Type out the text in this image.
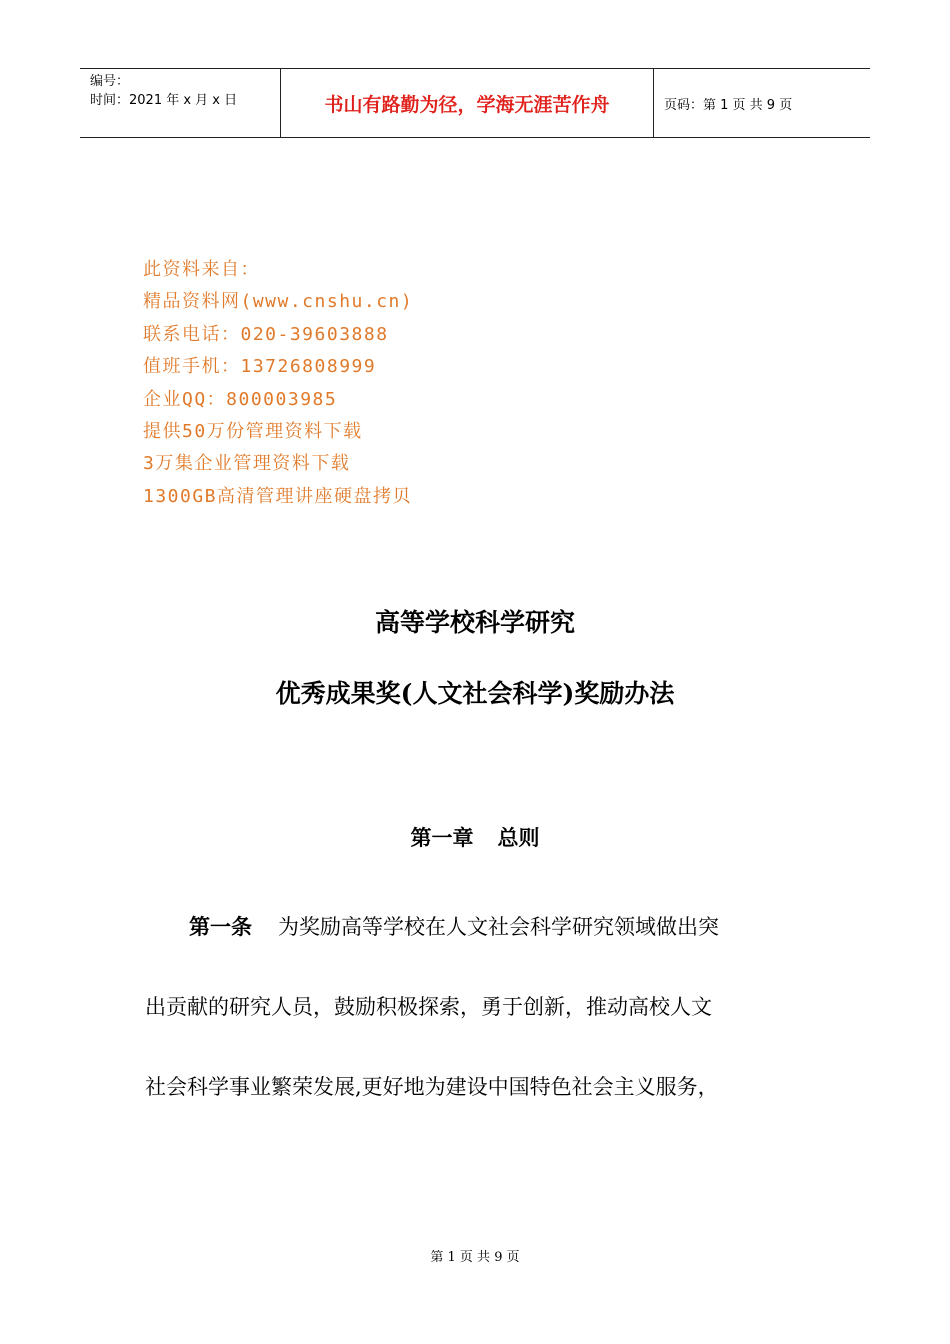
编号：
时间：2021 年 x 月 x 日	书山有路勤为径，学海无涯苦作舟	页码：第 1 页 共 9 页
此资料来自：
精品资料网(www.cnshu.cn)
联系电话：020-39603888
值班手机：13726808999
企业QQ：800003985
提供50万份管理资料下载
3万集企业管理资料下载
1300GB高清管理讲座硬盘拷贝
高等学校科学研究
优秀成果奖(人文社会科学)奖励办法
第一章 总则
第一条 为奖励高等学校在人文社会科学研究领域做出突
出贡献的研究人员，鼓励积极探索，勇于创新，推动高校人文
社会科学事业繁荣发展,更好地为建设中国特色社会主义服务，
第 1 页 共 9 页
